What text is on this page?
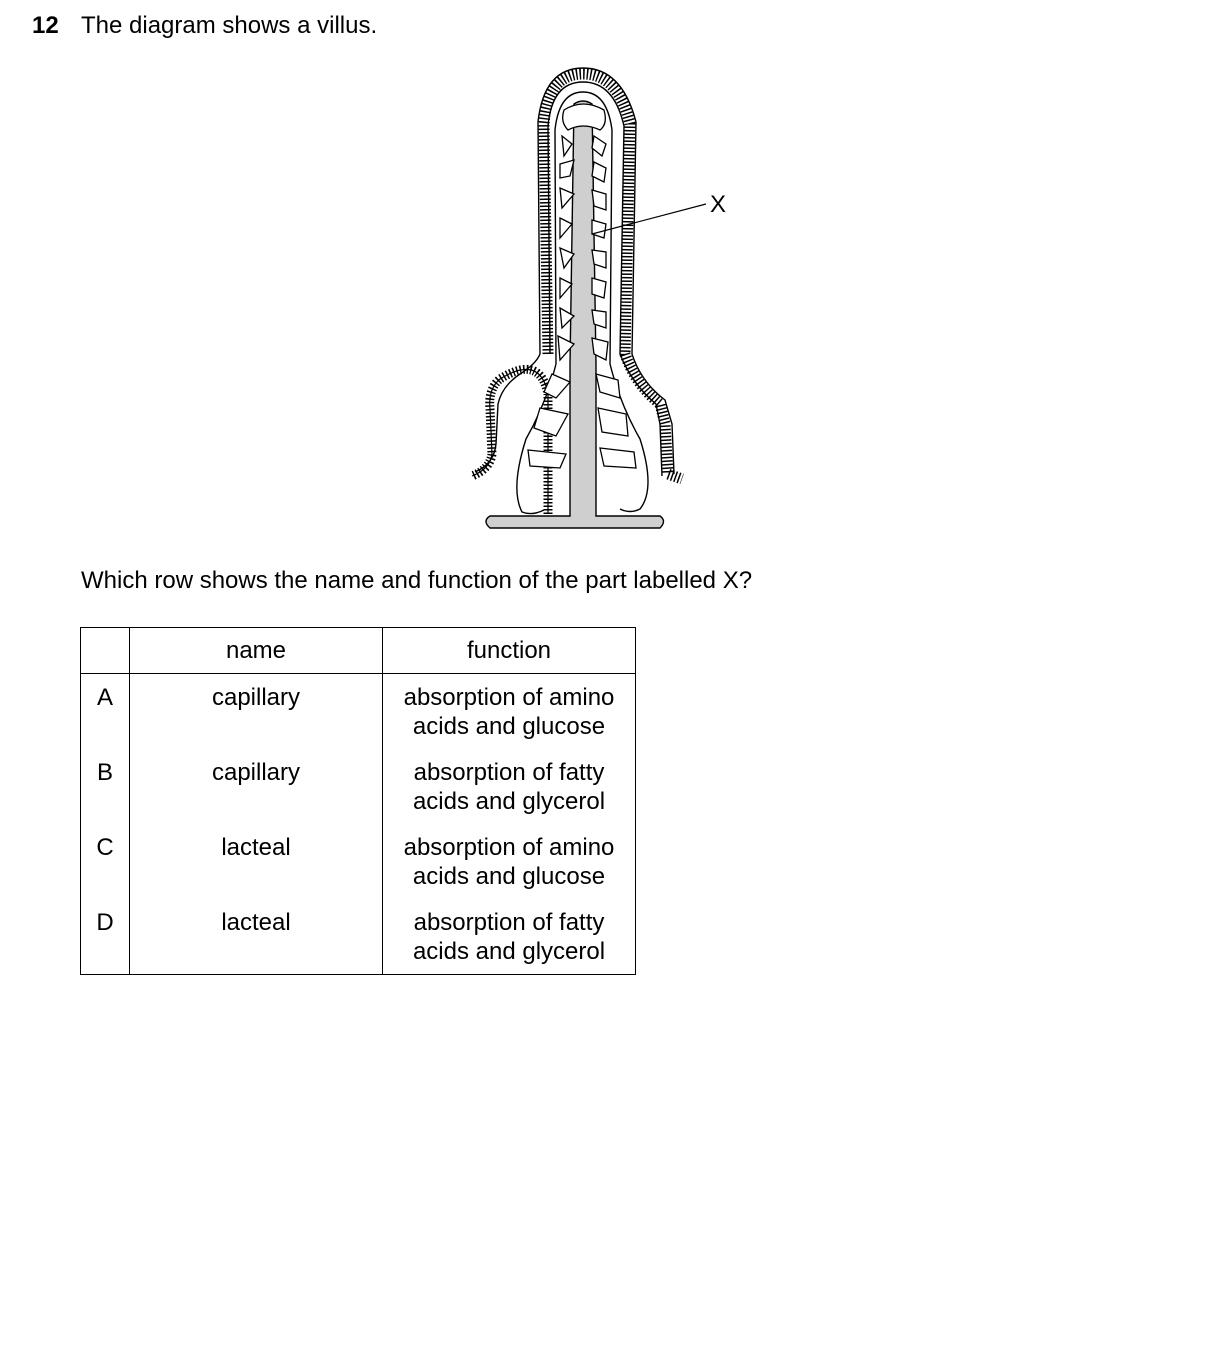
12 The diagram shows a villus.
X
Which row shows the name and function of the part labelled X?
	name	function
A	capillary	absorption of amino
acids and glucose

B	capillary	absorption of fatty
acids and glycerol

C	lacteal	absorption of amino
acids and glucose

D	lacteal	absorption of fatty
acids and glycerol
